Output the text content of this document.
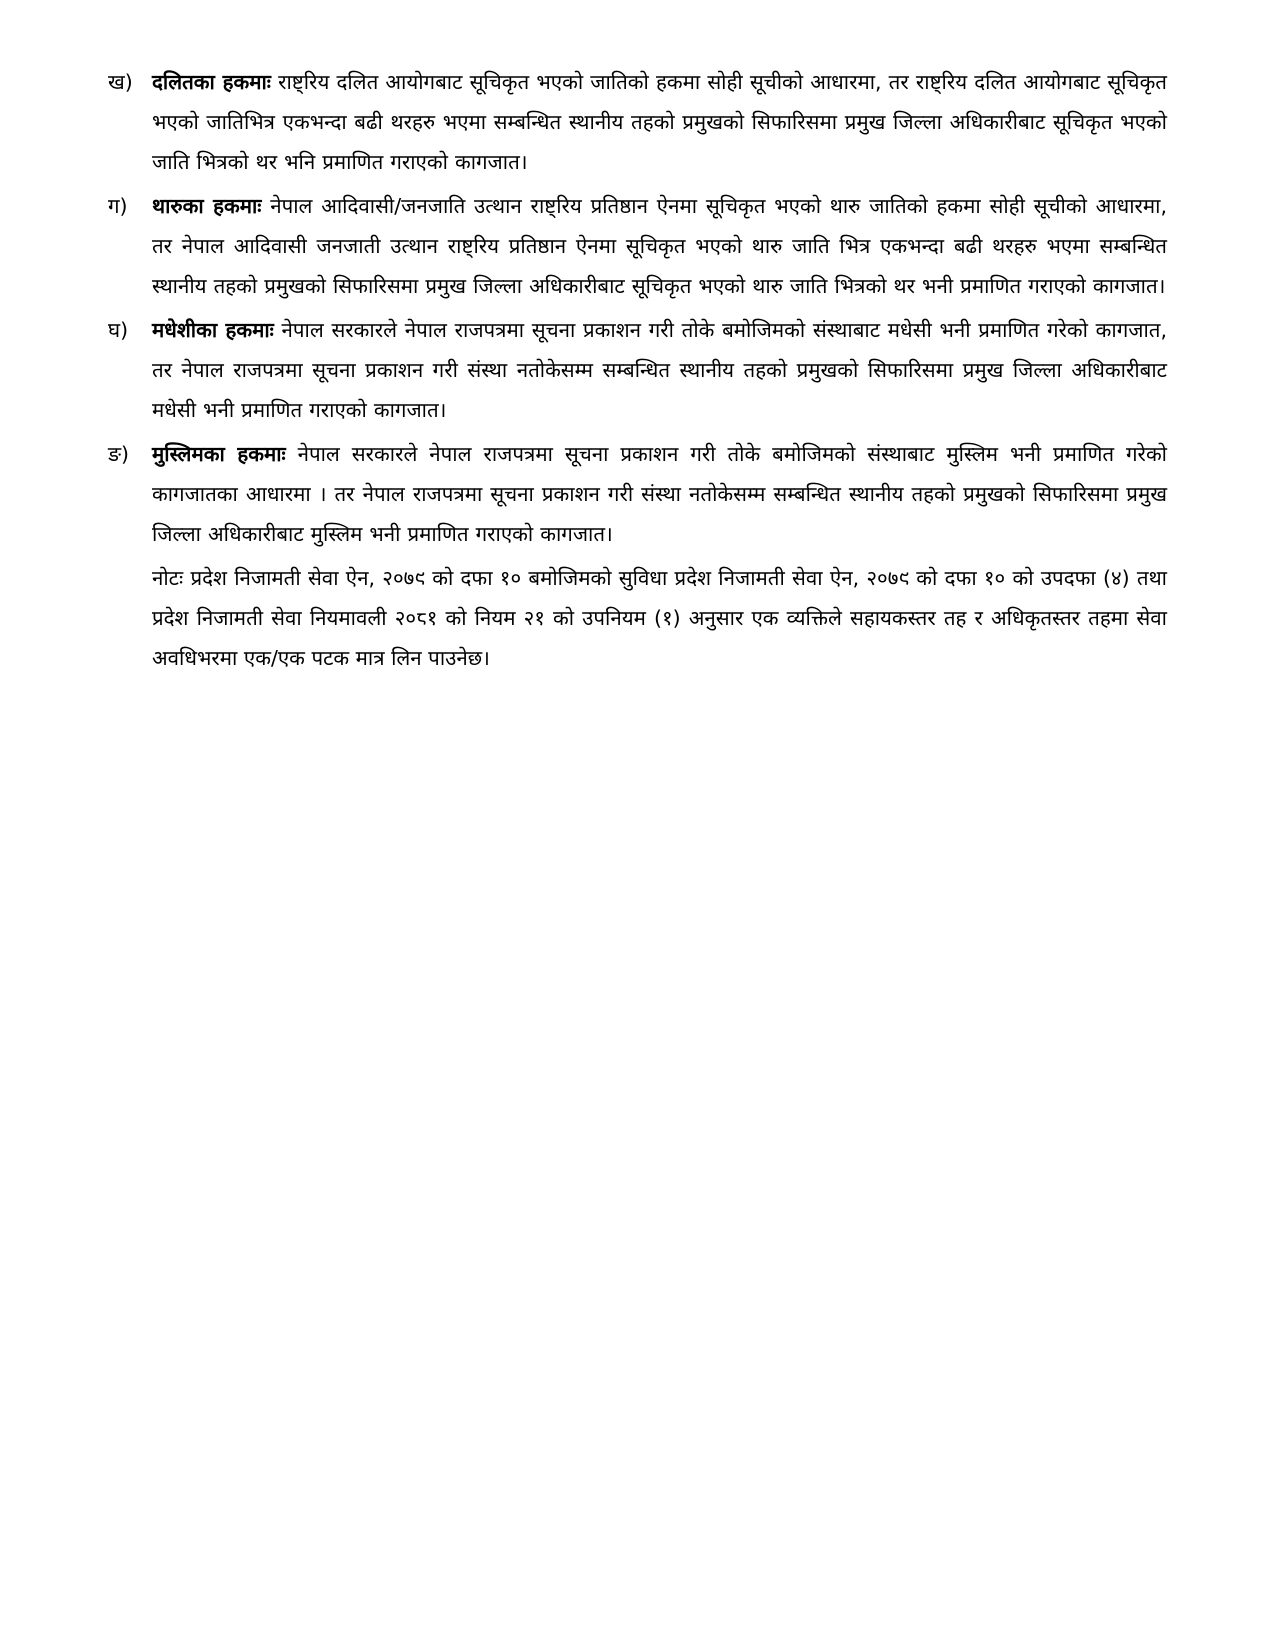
ख) दलितका हकमाः राष्ट्रिय दलित आयोगबाट सूचिकृत भएको जातिको हकमा सोही सूचीको आधारमा, तर राष्ट्रिय दलित आयोगबाट सूचिकृत भएको जातिभित्र एकभन्दा बढी थरहरु भएमा सम्बन्धित स्थानीय तहको प्रमुखको सिफारिसमा प्रमुख जिल्ला अधिकारीबाट सूचिकृत भएको जाति भित्रको थर भनि प्रमाणित गराएको कागजात।
ग)	थारुका हकमाः नेपाल आदिवासी/जनजाति उत्थान राष्ट्रिय प्रतिष्ठान ऐनमा सूचिकृत भएको थारु जातिको हकमा सोही सूचीको आधारमा, तर नेपाल आदिवासी जनजाती उत्थान राष्ट्रिय प्रतिष्ठान ऐनमा सूचिकृत भएको थारु जाति भित्र एकभन्दा बढी थरहरु भएमा सम्बन्धित स्थानीय तहको प्रमुखको सिफारिसमा प्रमुख जिल्ला अधिकारीबाट सूचिकृत भएको थारु जाति भित्रको थर भनी प्रमाणित गराएको कागजात।
घ)	मधेशीका हकमाः नेपाल सरकारले नेपाल राजपत्रमा सूचना प्रकाशन गरी तोके बमोजिमको संस्थाबाट मधेसी भनी प्रमाणित गरेको कागजात, तर नेपाल राजपत्रमा सूचना प्रकाशन गरी संस्था नतोकेसम्म सम्बन्धित स्थानीय तहको प्रमुखको सिफारिसमा प्रमुख जिल्ला अधिकारीबाट मधेसी भनी प्रमाणित गराएको कागजात।
ङ)	मुस्लिमका हकमाः नेपाल सरकारले नेपाल राजपत्रमा सूचना प्रकाशन गरी तोके बमोजिमको संस्थाबाट मुस्लिम भनी प्रमाणित गरेको कागजातका आधारमा । तर नेपाल राजपत्रमा सूचना प्रकाशन गरी संस्था नतोकेसम्म सम्बन्धित स्थानीय तहको प्रमुखको सिफारिसमा प्रमुख जिल्ला अधिकारीबाट मुस्लिम भनी प्रमाणित गराएको कागजात।
नोटः प्रदेश निजामती सेवा ऐन, २०७९ को दफा १० बमोजिमको सुविधा प्रदेश निजामती सेवा ऐन, २०७९ को दफा १० को उपदफा (४) तथा प्रदेश निजामती सेवा नियमावली २०८१ को नियम २१ को उपनियम (१) अनुसार एक व्यक्तिले सहायकस्तर तह र अधिकृतस्तर तहमा सेवा अवधिभरमा एक/एक पटक मात्र लिन पाउनेछ।
